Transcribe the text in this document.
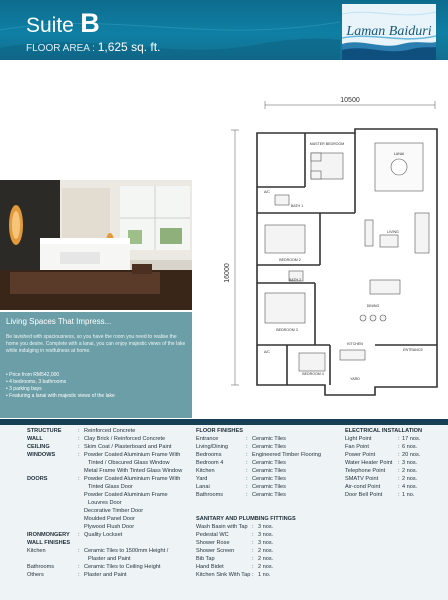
Suite B
FLOOR AREA : 1,625 sq. ft.
Laman Baiduri
10500
16000
MASTER BEDROOM
LANAI
A/C
BATH 1
LIVING
BEDROOM 2
BATH 2
DINING
BEDROOM 3
KITCHEN
ENTRANCE
A/C
BEDROOM 4
YARD
Living Spaces That Impress...
Be lavished with spaciousness, so you have the room you need to realise the home you desire. Complete with a lanai, you can enjoy majestic views of the lake while indulging in restfulness at home.
• Price from RM542,000
• 4 bedrooms, 3 bathrooms
• 3 parking bays
• Featuring a lanai with majestic views of the lake
STRUCTURE	: Reinforced Concrete
WALL	: Clay Brick / Reinforced Concrete
CEILING	: Skim Coat / Plasterboard and Paint
WINDOWS	: Powder Coated Aluminium Frame With
Tinted / Obscured Glass Window
Metal Frame With Tinted Glass Window
DOORS	: Powder Coated Aluminium Frame With
Tinted Glass Door
Powder Coated Aluminium Frame
Louvres Door
Decorative Timber Door
Moulded Panel Door
Plywood Flush Door
IRONMONGERY : Quality Lockset
WALL FINISHES
Kitchen	: Ceramic Tiles to 1500mm Height /
Plaster and Paint
Bathrooms	: Ceramic Tiles to Ceiling Height
Others	: Plaster and Paint
FLOOR FINISHES
Entrance	: Ceramic Tiles
Living/Dining	: Ceramic Tiles
Bedrooms	: Engineered Timber Flooring
Bedroom 4	: Ceramic Tiles
Kitchen	: Ceramic Tiles
Yard	: Ceramic Tiles
Lanai	: Ceramic Tiles
Bathrooms	: Ceramic Tiles
SANITARY AND PLUMBING FITTINGS
Wash Basin with Tap : 3 nos.
Pedestal WC	: 3 nos.
Shower Rose	: 3 nos.
Shower Screen	: 2 nos.
Bib Tap	: 2 nos.
Hand Bidet	: 2 nos.
Kitchen Sink With Tap : 1 no.
ELECTRICAL INSTALLATION
Light Point	: 17 nos.
Fan Point	: 6 nos.
Power Point	: 20 nos.
Water Heater Point : 3 nos.
Telephone Point : 2 nos.
SMATV Point	: 2 nos.
Air-cond Point	: 4 nos.
Door Bell Point	: 1 no.
